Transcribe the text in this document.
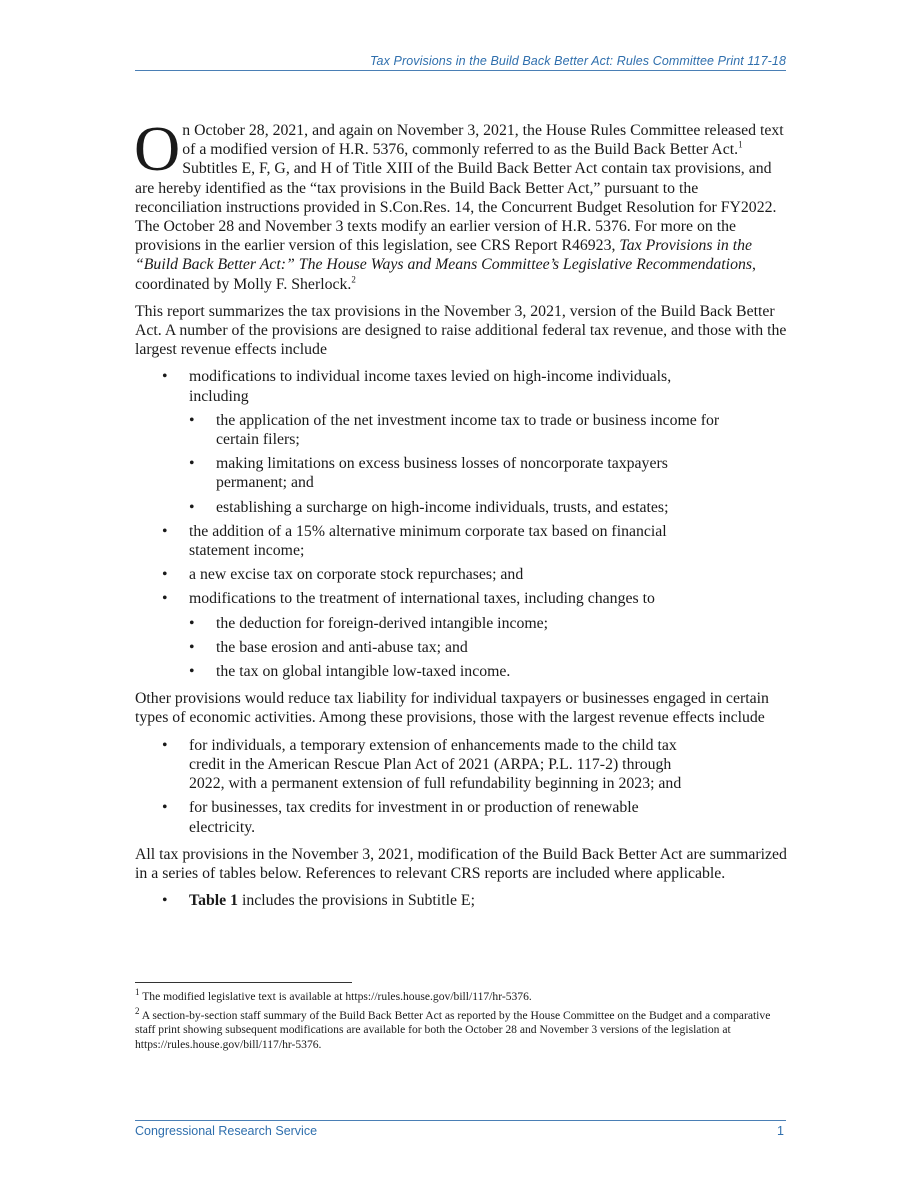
Tax Provisions in the Build Back Better Act: Rules Committee Print 117-18

On October 28, 2021, and again on November 3, 2021, the House Rules Committee released text of a modified version of H.R. 5376, commonly referred to as the Build Back Better Act.$^1$ Subtitles E, F, G, and H of Title XIII of the Build Back Better Act contain tax provisions, and are hereby identified as the “tax provisions in the Build Back Better Act,” pursuant to the reconciliation instructions provided in S.Con.Res. 14, the Concurrent Budget Resolution for FY2022. The October 28 and November 3 texts modify an earlier version of H.R. 5376. For more on the provisions in the earlier version of this legislation, see CRS Report R46923, Tax Provisions in the “Build Back Better Act:” The House Ways and Means Committee’s Legislative Recommendations, coordinated by Molly F. Sherlock.$^2$

This report summarizes the tax provisions in the November 3, 2021, version of the Build Back Better Act. A number of the provisions are designed to raise additional federal tax revenue, and those with the largest revenue effects include

• modifications to individual income taxes levied on high-income individuals, including
• the application of the net investment income tax to trade or business income for certain filers;
• making limitations on excess business losses of noncorporate taxpayers permanent; and
• establishing a surcharge on high-income individuals, trusts, and estates;
• the addition of a 15% alternative minimum corporate tax based on financial statement income;
• a new excise tax on corporate stock repurchases; and
• modifications to the treatment of international taxes, including changes to
• the deduction for foreign-derived intangible income;
• the base erosion and anti-abuse tax; and
• the tax on global intangible low-taxed income.

Other provisions would reduce tax liability for individual taxpayers or businesses engaged in certain types of economic activities. Among these provisions, those with the largest revenue effects include

• for individuals, a temporary extension of enhancements made to the child tax credit in the American Rescue Plan Act of 2021 (ARPA; P.L. 117-2) through 2022, with a permanent extension of full refundability beginning in 2023; and
• for businesses, tax credits for investment in or production of renewable electricity.

All tax provisions in the November 3, 2021, modification of the Build Back Better Act are summarized in a series of tables below. References to relevant CRS reports are included where applicable.

• Table 1 includes the provisions in Subtitle E;

$^1$ The modified legislative text is available at https://rules.house.gov/bill/117/hr-5376.

$^2$ A section-by-section staff summary of the Build Back Better Act as reported by the House Committee on the Budget and a comparative staff print showing subsequent modifications are available for both the October 28 and November 3 versions of the legislation at https://rules.house.gov/bill/117/hr-5376.

Congressional Research Service	1
